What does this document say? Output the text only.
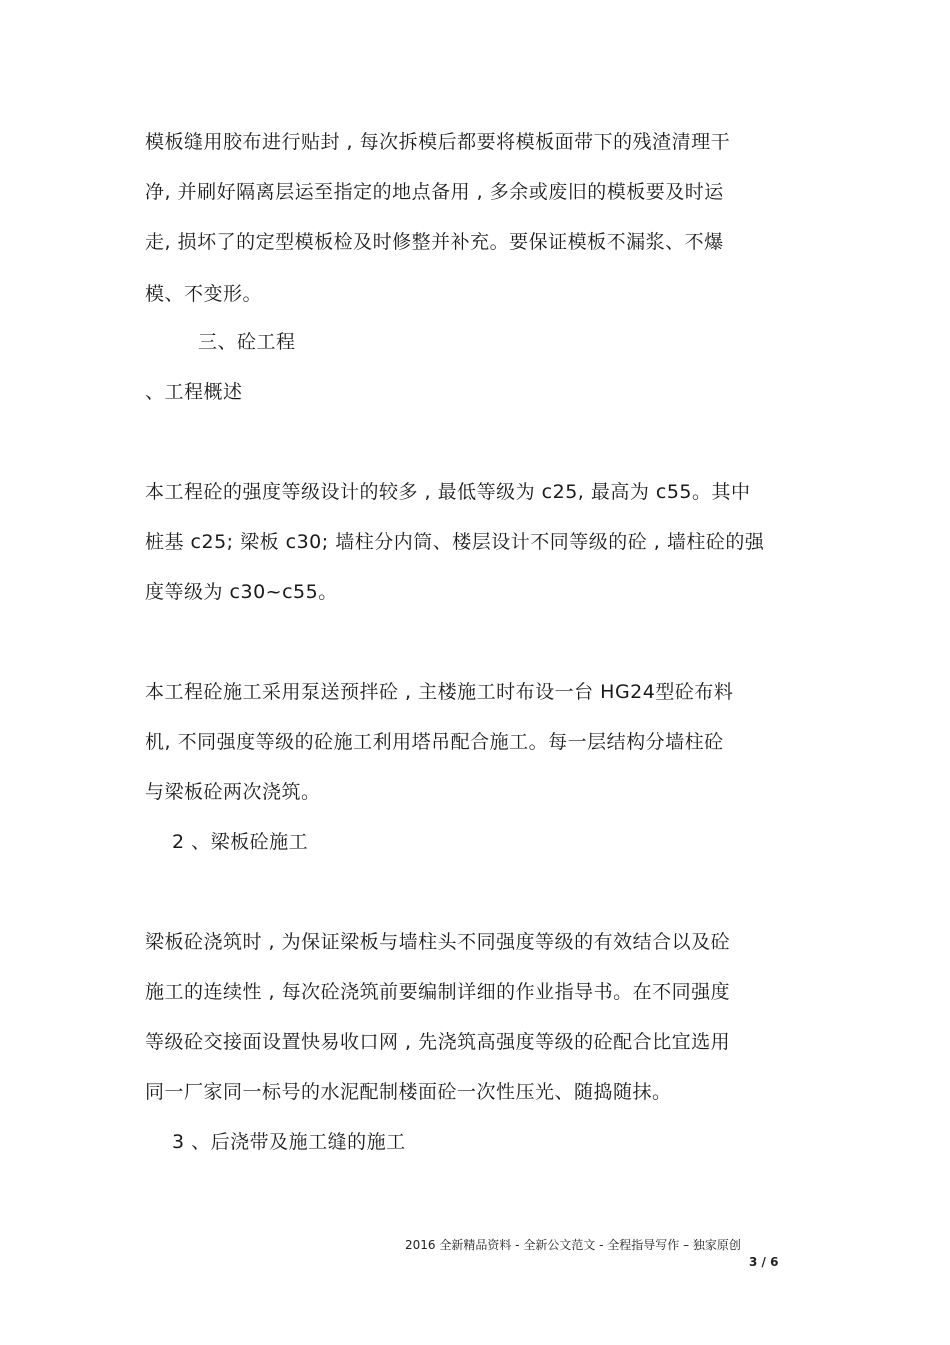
模板缝用胶布进行贴封 , 每次拆模后都要将模板面带下的残渣清理干
净, 并刷好隔离层运至指定的地点备用 , 多余或废旧的模板要及时运
走, 损坏了的定型模板检及时修整并补充。要保证模板不漏浆、不爆
模、不变形。
三、砼工程
、工程概述
本工程砼的强度等级设计的较多 , 最低等级为 c25, 最高为 c55。其中
桩基 c25; 梁板 c30; 墙柱分内筒、楼层设计不同等级的砼 , 墙柱砼的强
度等级为 c30~c55。
本工程砼施工采用泵送预拌砼 , 主楼施工时布设一台 HG24型砼布料
机, 不同强度等级的砼施工利用塔吊配合施工。每一层结构分墙柱砼
与梁板砼两次浇筑。
2 、梁板砼施工
梁板砼浇筑时 , 为保证梁板与墙柱头不同强度等级的有效结合以及砼
施工的连续性 , 每次砼浇筑前要编制详细的作业指导书。在不同强度
等级砼交接面设置快易收口网 , 先浇筑高强度等级的砼配合比宜选用
同一厂家同一标号的水泥配制楼面砼一次性压光、随捣随抹。
3 、后浇带及施工缝的施工
2016 全新精品资料 - 全新公文范文 - 全程指导写作 – 独家原创
3 / 6
